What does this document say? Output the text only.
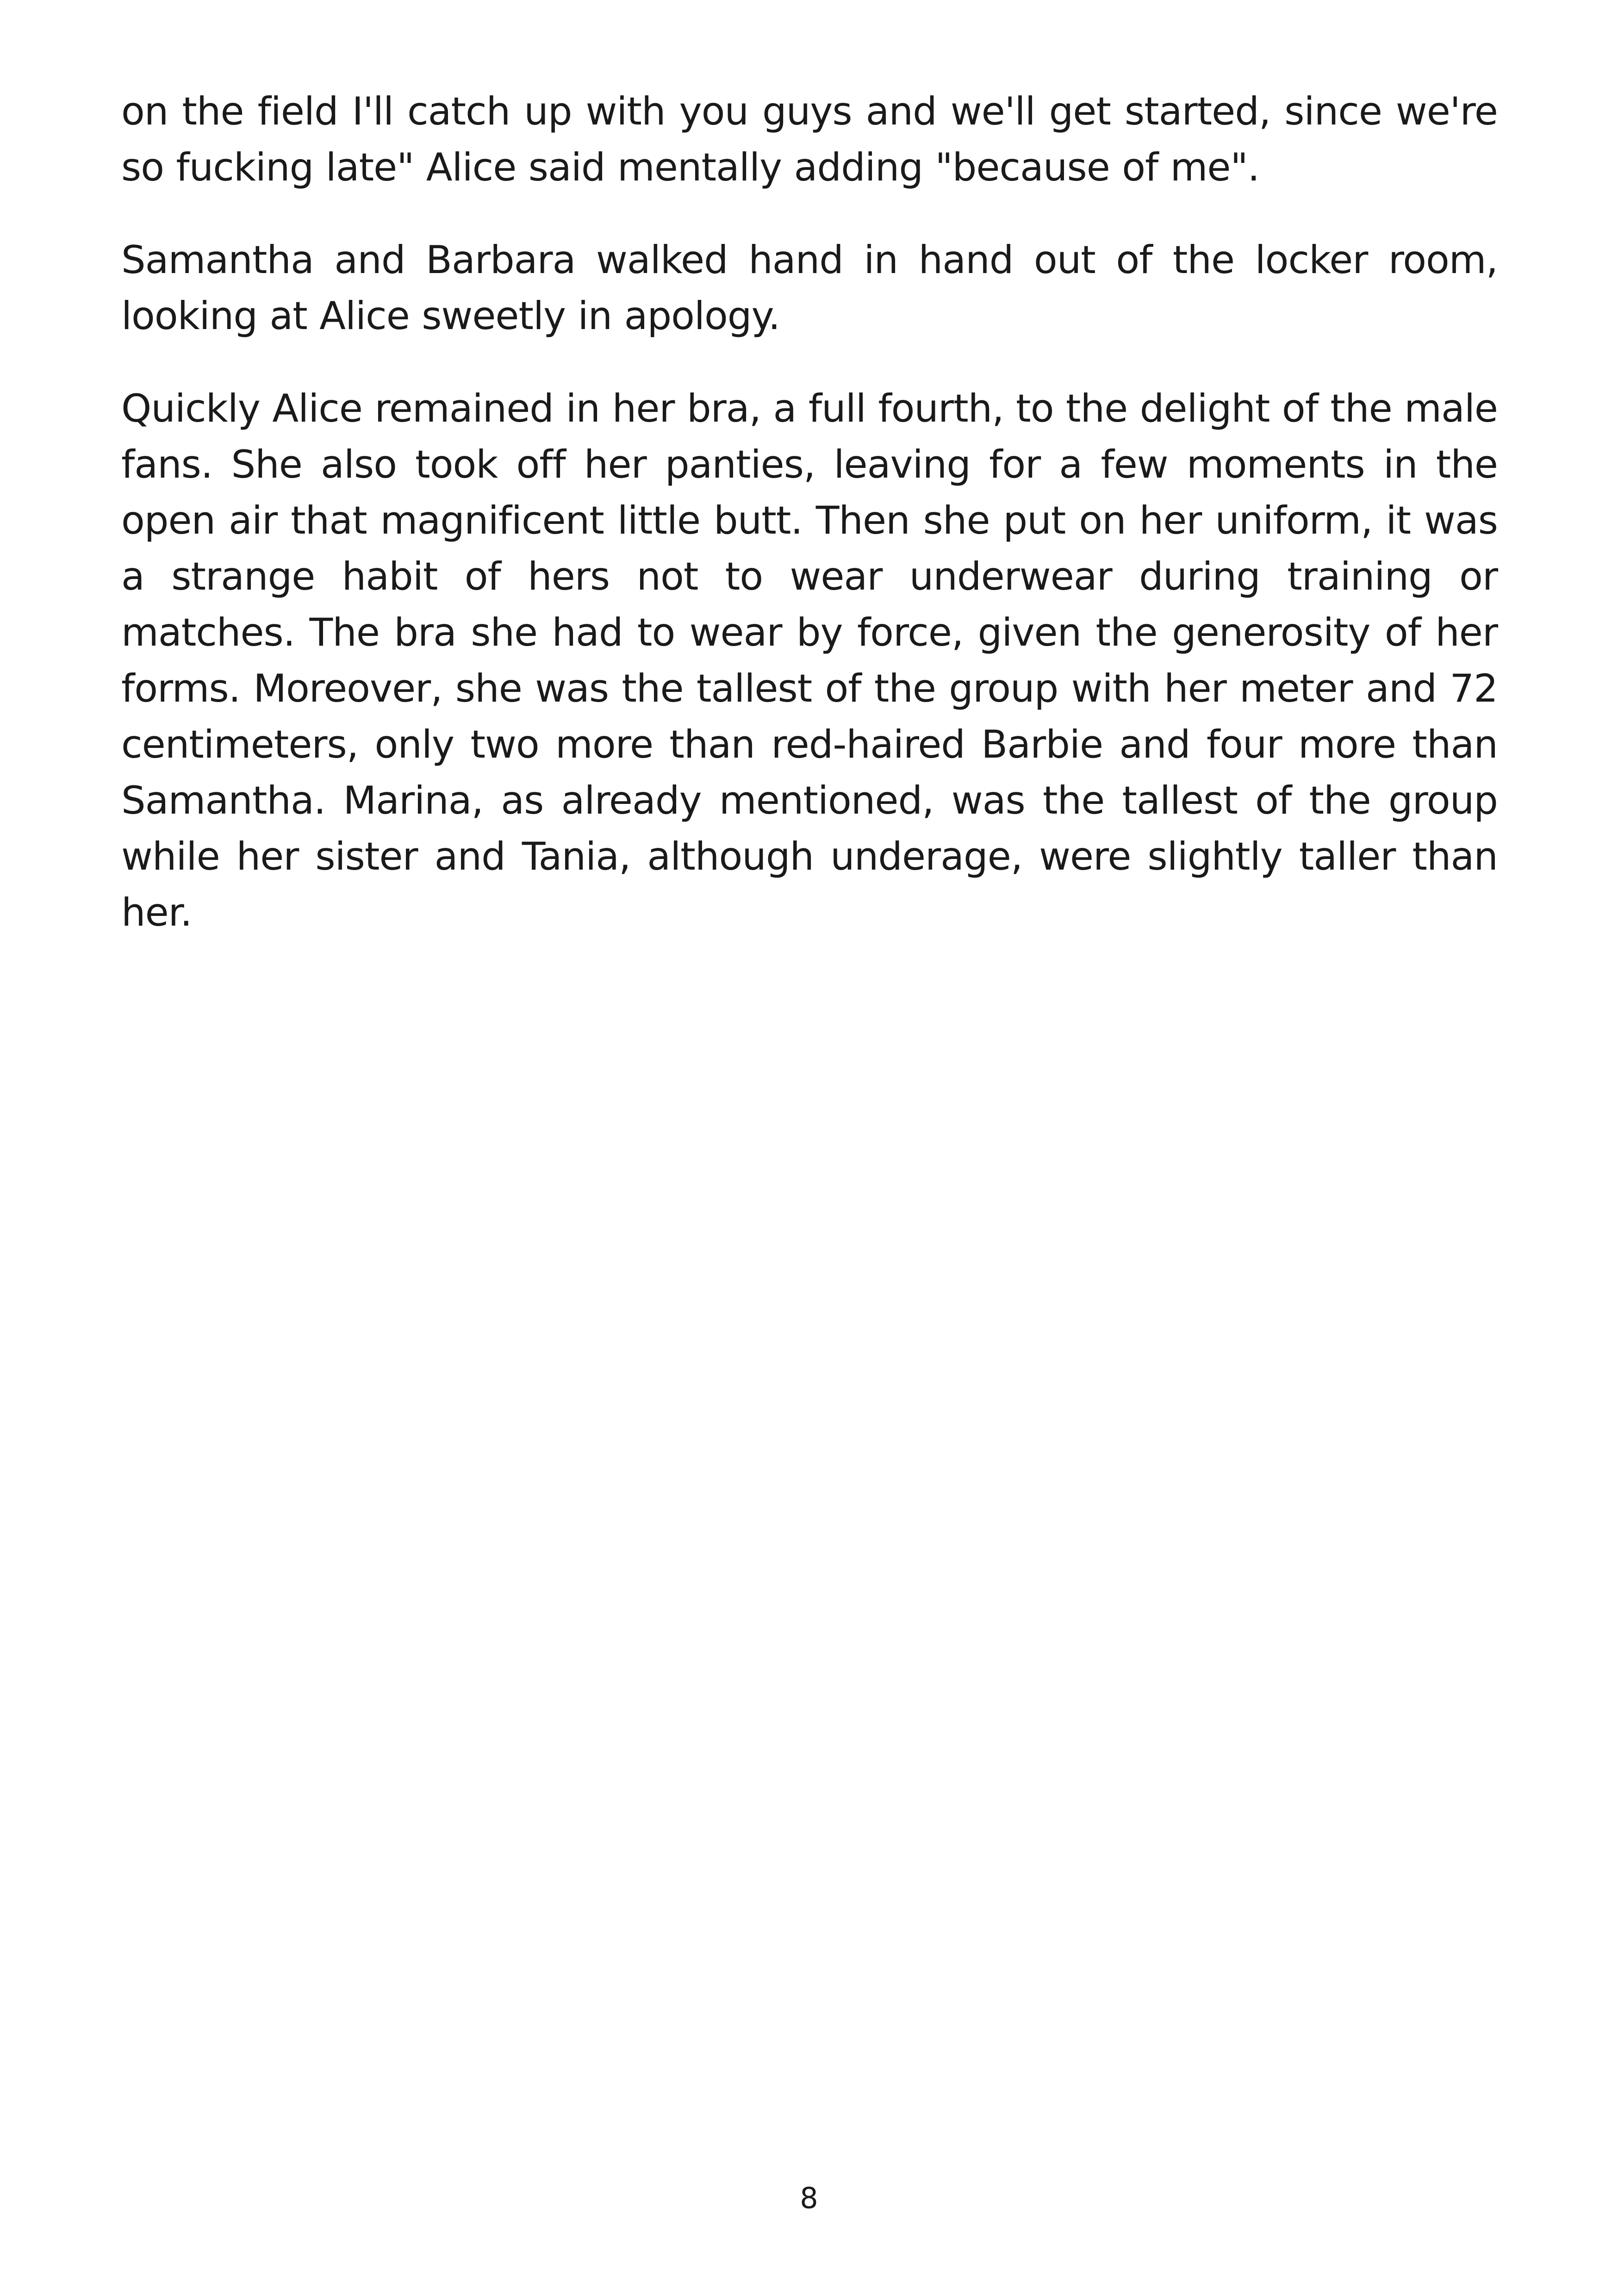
on the field I'll catch up with you guys and we'll get started, since we're so fucking late" Alice said mentally adding "because of me".

Samantha and Barbara walked hand in hand out of the locker room, looking at Alice sweetly in apology.

Quickly Alice remained in her bra, a full fourth, to the delight of the male fans. She also took off her panties, leaving for a few moments in the open air that magnificent little butt. Then she put on her uniform, it was a strange habit of hers not to wear underwear during training or matches. The bra she had to wear by force, given the generosity of her forms. Moreover, she was the tallest of the group with her meter and 72 centimeters, only two more than red-haired Barbie and four more than Samantha. Marina, as already mentioned, was the tallest of the group while her sister and Tania, although underage, were slightly taller than her.

8
